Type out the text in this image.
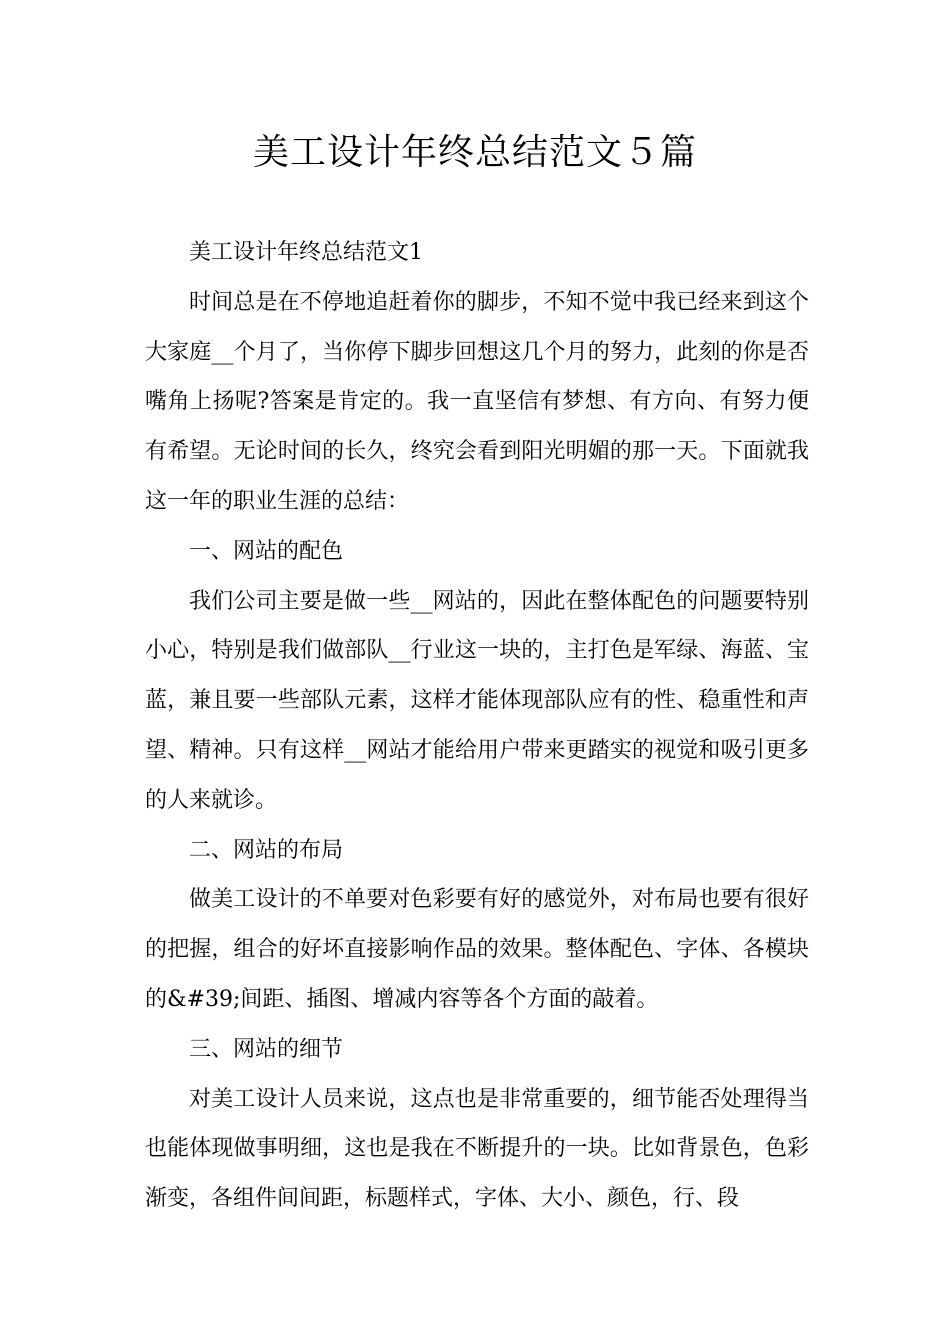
美工设计年终总结范文５篇

美工设计年终总结范文1

时间总是在不停地追赶着你的脚步，不知不觉中我已经来到这个大家庭__个月了，当你停下脚步回想这几个月的努力，此刻的你是否嘴角上扬呢?答案是肯定的。我一直坚信有梦想、有方向、有努力便有希望。无论时间的长久，终究会看到阳光明媚的那一天。下面就我这一年的职业生涯的总结：

一、网站的配色

我们公司主要是做一些__网站的，因此在整体配色的问题要特别小心，特别是我们做部队__行业这一块的，主打色是军绿、海蓝、宝蓝，兼且要一些部队元素，这样才能体现部队应有的性、稳重性和声望、精神。只有这样__网站才能给用户带来更踏实的视觉和吸引更多的人来就诊。

二、网站的布局

做美工设计的不单要对色彩要有好的感觉外，对布局也要有很好的把握，组合的好坏直接影响作品的效果。整体配色、字体、各模块的&#39;间距、插图、增减内容等各个方面的敲着。

三、网站的细节

对美工设计人员来说，这点也是非常重要的，细节能否处理得当也能体现做事明细，这也是我在不断提升的一块。比如背景色，色彩渐变，各组件间间距，标题样式，字体、大小、颜色，行、段
